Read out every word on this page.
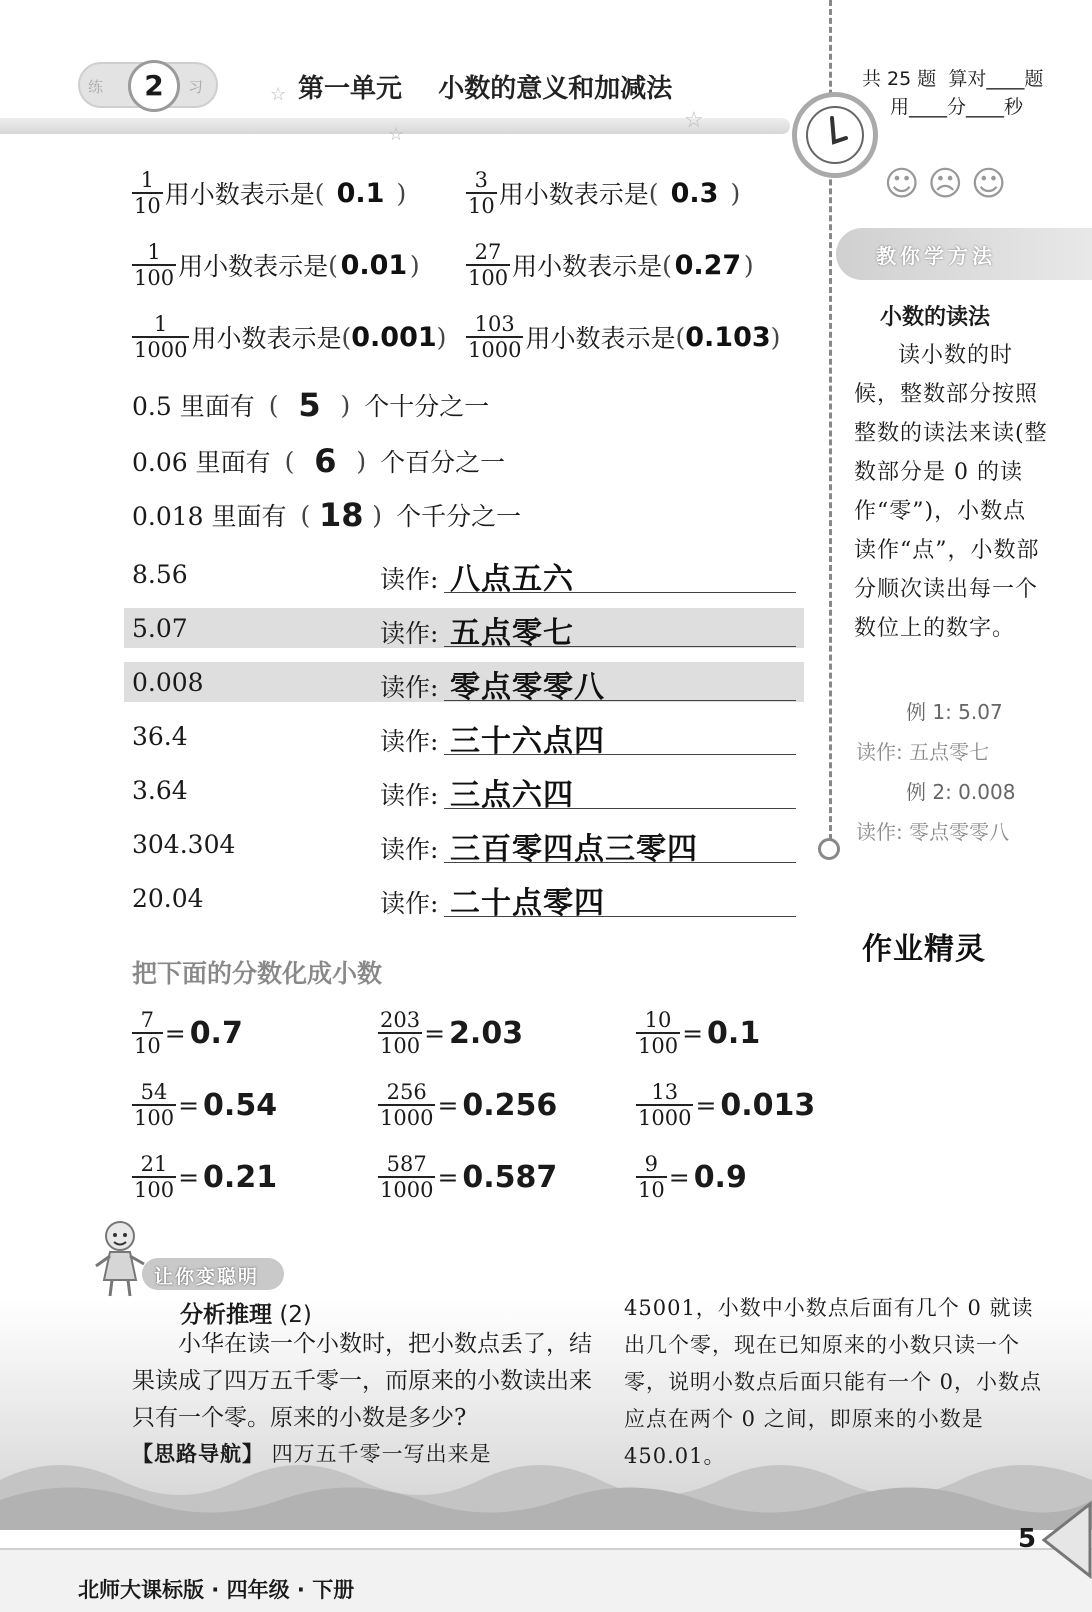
练	习
2	☆ 第一单元    小数的意义和加减法
☆
☆
共 25 题  算对____题
用____分____秒
☺☹☺
教你学方法
小数的读法
读小数的时候，整数部分按照整数的读法来读(整数部分是 0 的读作“零”)，小数点读作“点”，小数部分顺次读出每一个数位上的数字。
例 1: 5.07
读作: 五点零七
例 2: 0.008
读作: 零点零零八
作业精灵
$\frac{1}{10}$ 用小数表示是 ( 0.1 )	$\frac{3}{10}$ 用小数表示是 ( 0.3 )
$\frac{1}{100}$ 用小数表示是 ( 0.01 ) $\frac{27}{100}$ 用小数表示是 ( 0.27 )
$\frac{1}{1000}$ 用小数表示是 ( 0.001 ) $\frac{103}{1000}$ 用小数表示是 ( 0.103 )
0.5 里面有 ( 5 ) 个十分之一
0.06 里面有 ( 6 ) 个百分之一
0.018 里面有 ( 18 ) 个千分之一
8.56	读作: 八点五六
5.07	读作: 五点零七
0.008	读作: 零点零零八
36.4	读作: 三十六点四
3.64	读作: 三点六四
304.304	读作: 三百零四点三零四
20.04	读作: 二十点零四
把下面的分数化成小数
$\frac{7}{10} = 0.7$	$\frac{203}{100} = 2.03$	$\frac{10}{100} = 0.1$
$\frac{54}{100} = 0.54$	$\frac{256}{1000} = 0.256$	$\frac{13}{1000} = 0.013$
$\frac{21}{100} = 0.21$	$\frac{587}{1000} = 0.587$	$\frac{9}{10} = 0.9$
让你变聪明
分析推理 (2)
小华在读一个小数时，把小数点丢了，结果读成了四万五千零一，而原来的小数读出来只有一个零。原来的小数是多少?
【思路导航】 四万五千零一写出来是
45001，小数中小数点后面有几个 0 就读出几个零，现在已知原来的小数只读一个零，说明小数点后面只能有一个 0，小数点应点在两个 0 之间，即原来的小数是 450.01。
北师大课标版 · 四年级 · 下册
5
